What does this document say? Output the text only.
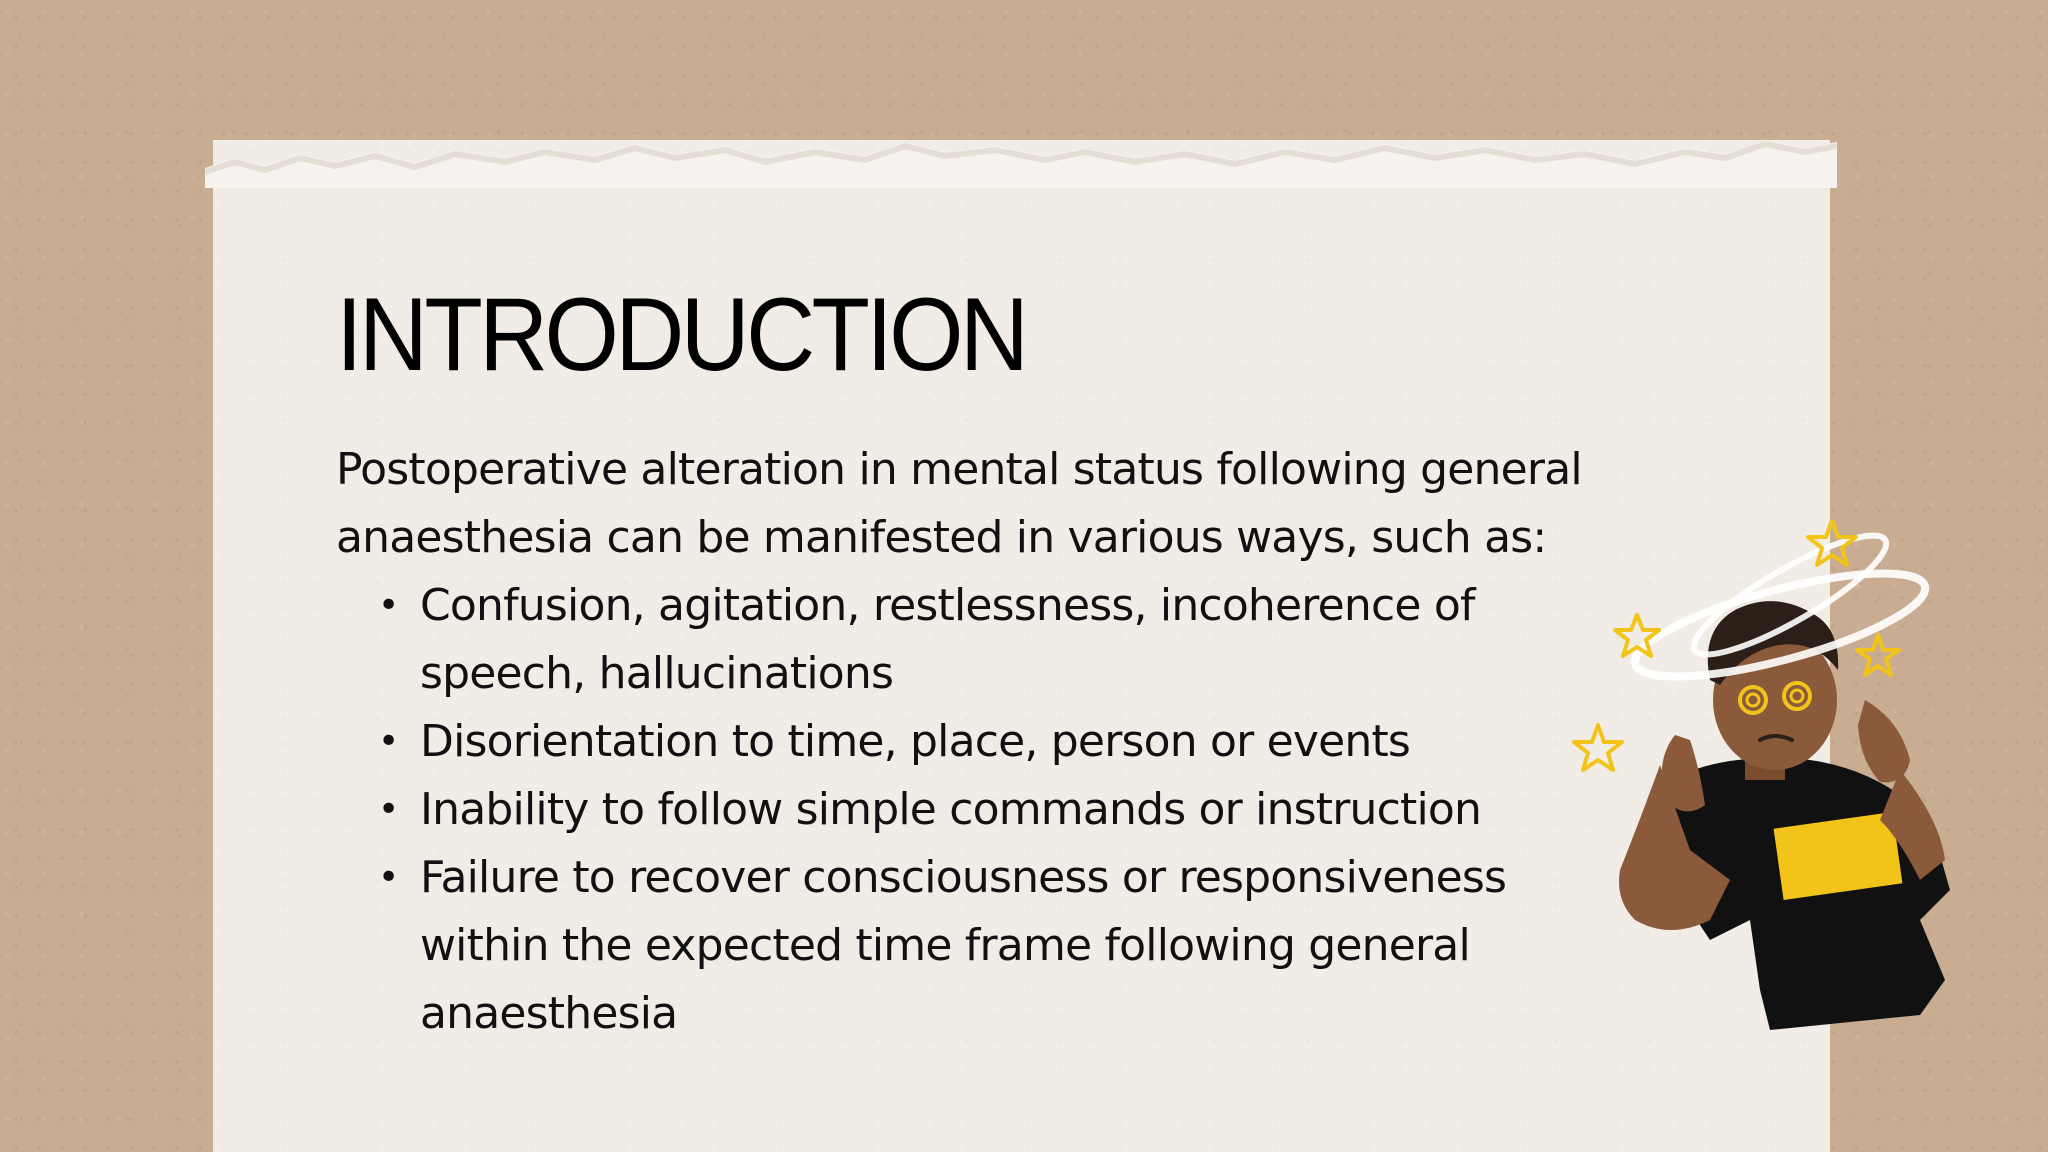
INTRODUCTION

Postoperative alteration in mental status following general anaesthesia can be manifested in various ways, such as:

• Confusion, agitation, restlessness, incoherence of speech, hallucinations
• Disorientation to time, place, person or events
• Inability to follow simple commands or instruction
• Failure to recover consciousness or responsiveness within the expected time frame following general anaesthesia
